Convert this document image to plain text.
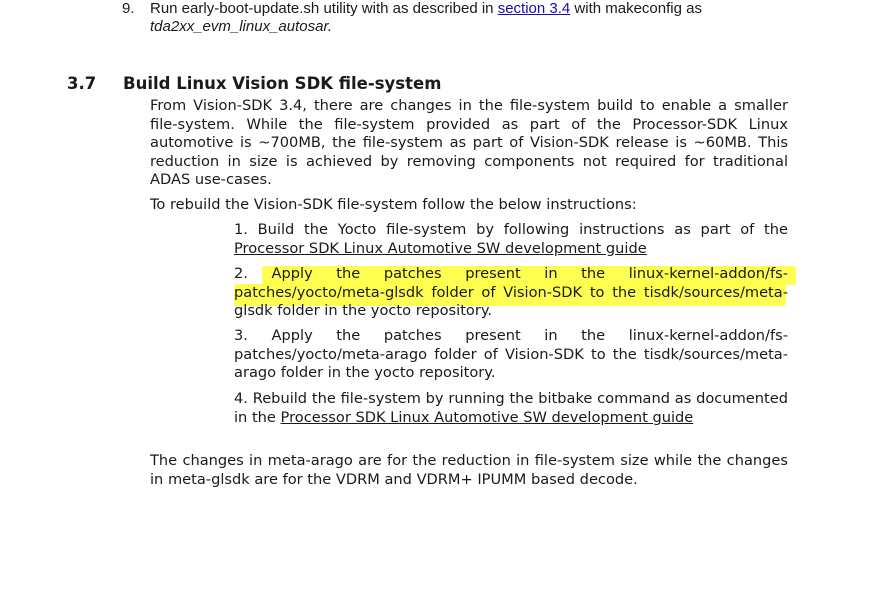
9. Run early-boot-update.sh utility with as described in section 3.4 with makeconfig as
tda2xx_evm_linux_autosar.
3.7 Build Linux Vision SDK file-system
From Vision-SDK 3.4, there are changes in the file-system build to enable a smaller file-system. While the file-system provided as part of the Processor-SDK Linux automotive is ~700MB, the file-system as part of Vision-SDK release is ~60MB. This reduction in size is achieved by removing components not required for traditional ADAS use-cases.
To rebuild the Vision-SDK file-system follow the below instructions:
1. Build the Yocto file-system by following instructions as part of the Processor SDK Linux Automotive SW development guide
2. Apply the patches present in the linux-kernel-addon/fs-patches/yocto/meta-glsdk folder of Vision-SDK to the tisdk/sources/meta-glsdk folder in the yocto repository.
3. Apply the patches present in the linux-kernel-addon/fs-patches/yocto/meta-arago folder of Vision-SDK to the tisdk/sources/meta-arago folder in the yocto repository.
4. Rebuild the file-system by running the bitbake command as documented in the Processor SDK Linux Automotive SW development guide
The changes in meta-arago are for the reduction in file-system size while the changes in meta-glsdk are for the VDRM and VDRM+ IPUMM based decode.
